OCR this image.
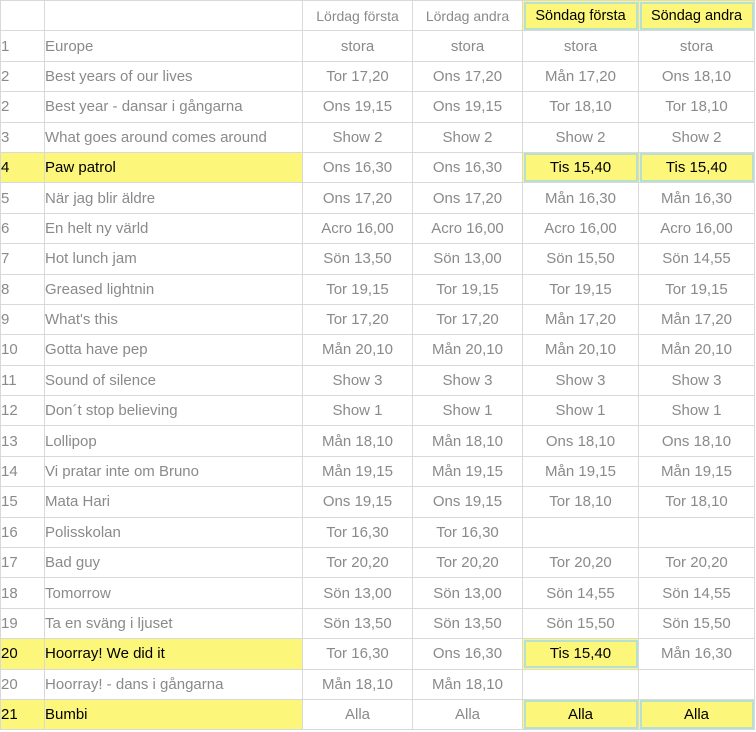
		Lördag första	Lördag andra	Söndag första	Söndag andra
1	Europe	stora	stora	stora	stora
2	Best years of our lives	Tor 17,20	Ons 17,20	Mån 17,20	Ons 18,10
2	Best year - dansar i gångarna	Ons 19,15	Ons 19,15	Tor 18,10	Tor 18,10
3	What goes around comes around	Show 2	Show 2	Show 2	Show 2
4	Paw patrol	Ons 16,30	Ons 16,30	Tis 15,40	Tis 15,40
5	När jag blir äldre	Ons 17,20	Ons 17,20	Mån 16,30	Mån 16,30
6	En helt ny värld	Acro 16,00	Acro 16,00	Acro 16,00	Acro 16,00
7	Hot lunch jam	Sön 13,50	Sön 13,00	Sön 15,50	Sön 14,55
8	Greased lightnin	Tor 19,15	Tor 19,15	Tor 19,15	Tor 19,15
9	What's this	Tor 17,20	Tor 17,20	Mån 17,20	Mån 17,20
10	Gotta have pep	Mån 20,10	Mån 20,10	Mån 20,10	Mån 20,10
11	Sound of silence	Show 3	Show 3	Show 3	Show 3
12	Don´t stop believing	Show 1	Show 1	Show 1	Show 1
13	Lollipop	Mån 18,10	Mån 18,10	Ons 18,10	Ons 18,10
14	Vi pratar inte om Bruno	Mån 19,15	Mån 19,15	Mån 19,15	Mån 19,15
15	Mata Hari	Ons 19,15	Ons 19,15	Tor 18,10	Tor 18,10
16	Polisskolan	Tor 16,30	Tor 16,30		
17	Bad guy	Tor 20,20	Tor 20,20	Tor 20,20	Tor 20,20
18	Tomorrow	Sön 13,00	Sön 13,00	Sön 14,55	Sön 14,55
19	Ta en sväng i ljuset	Sön 13,50	Sön 13,50	Sön 15,50	Sön 15,50
20	Hoorray! We did it	Tor 16,30	Ons 16,30	Tis 15,40	Mån 16,30
20	Hoorray! - dans i gångarna	Mån 18,10	Mån 18,10		
21	Bumbi	Alla	Alla	Alla	Alla
